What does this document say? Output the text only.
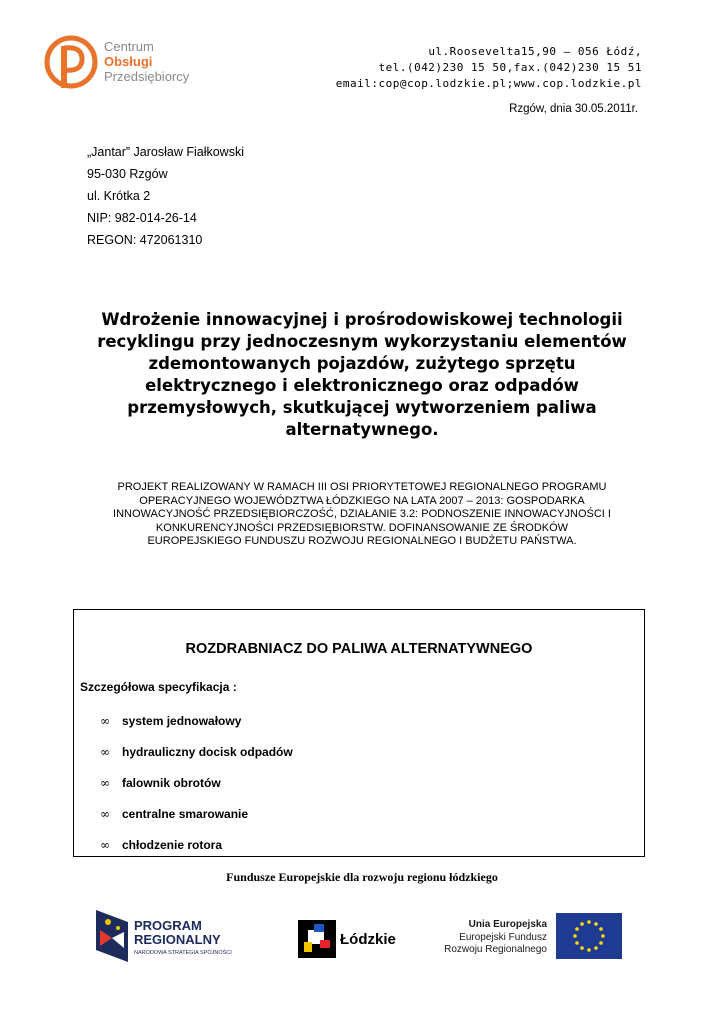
Centrum
Obsługi
Przedsiębiorcy
ul.Roosevelta15,90 – 056 Łódź,
tel.(042)230 15 50,fax.(042)230 15 51
email:cop@cop.lodzkie.pl;www.cop.lodzkie.pl
Rzgów, dnia 30.05.2011r.
„Jantar” Jarosław Fiałkowski
95-030 Rzgów
ul. Krótka 2
NIP: 982-014-26-14
REGON: 472061310
Wdrożenie innowacyjnej i prośrodowiskowej technologii
recyklingu przy jednoczesnym wykorzystaniu elementów
zdemontowanych pojazdów, zużytego sprzętu
elektrycznego i elektronicznego oraz odpadów
przemysłowych, skutkującej wytworzeniem paliwa
alternatywnego.
PROJEKT REALIZOWANY W RAMACH III OSI PRIORYTETOWEJ REGIONALNEGO PROGRAMU
OPERACYJNEGO WOJEWÓDZTWA ŁÓDZKIEGO NA LATA 2007 – 2013: GOSPODARKA
INNOWACYJNOŚĆ PRZEDSIĘBIORCZOŚĆ, DZIAŁANIE 3.2: PODNOSZENIE INNOWACYJNOŚCI I
KONKURENCYJNOŚCI PRZEDSIĘBIORSTW. DOFINANSOWANIE ZE ŚRODKÓW
EUROPEJSKIEGO FUNDUSZU ROZWOJU REGIONALNEGO I BUDŻETU PAŃSTWA.
ROZDRABNIACZ DO PALIWA ALTERNATYWNEGO
Szczegółowa specyfikacja :
∞	system jednowałowy
∞	hydrauliczny docisk odpadów
∞	falownik obrotów
∞	centralne smarowanie
∞	chłodzenie rotora
Fundusze Europejskie dla rozwoju regionu łódzkiego
PROGRAM
REGIONALNY
NARODOWA STRATEGIA SPÓJNOŚCI
Łódzkie
Unia Europejska
Europejski Fundusz
Rozwoju Regionalnego
